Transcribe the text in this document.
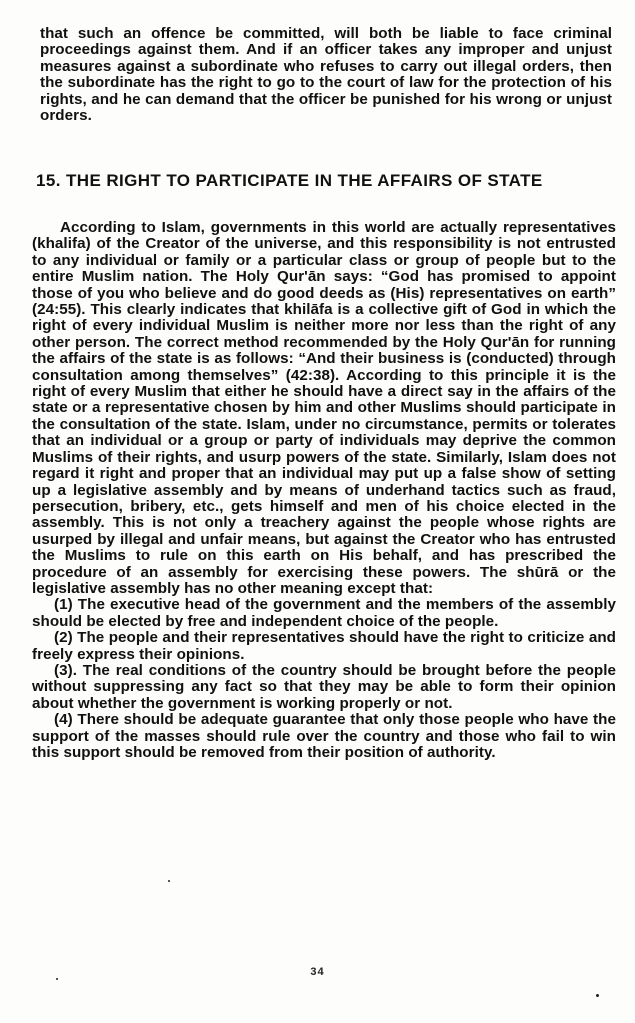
that such an offence be committed, will both be liable to face criminal proceedings against them. And if an officer takes any improper and unjust measures against a subordinate who refuses to carry out illegal orders, then the subordinate has the right to go to the court of law for the protection of his rights, and he can demand that the officer be punished for his wrong or unjust orders.

15. THE RIGHT TO PARTICIPATE IN THE AFFAIRS OF STATE

According to Islam, governments in this world are actually representatives (khalifa) of the Creator of the universe, and this responsibility is not entrusted to any individual or family or a particular class or group of people but to the entire Muslim nation. The Holy Qur'ān says: “God has promised to appoint those of you who believe and do good deeds as (His) representatives on earth” (24:55). This clearly indicates that khilāfa is a collective gift of God in which the right of every individual Muslim is neither more nor less than the right of any other person. The correct method recommended by the Holy Qur'ān for running the affairs of the state is as follows: “And their business is (conducted) through consultation among themselves” (42:38). According to this principle it is the right of every Muslim that either he should have a direct say in the affairs of the state or a representative chosen by him and other Muslims should participate in the consultation of the state. Islam, under no circumstance, permits or tolerates that an individual or a group or party of individuals may deprive the common Muslims of their rights, and usurp powers of the state. Similarly, Islam does not regard it right and proper that an individual may put up a false show of setting up a legislative assembly and by means of underhand tactics such as fraud, persecution, bribery, etc., gets himself and men of his choice elected in the assembly. This is not only a treachery against the people whose rights are usurped by illegal and unfair means, but against the Creator who has entrusted the Muslims to rule on this earth on His behalf, and has prescribed the procedure of an assembly for exercising these powers. The shūrā or the legislative assembly has no other meaning except that:

(1) The executive head of the government and the members of the assembly should be elected by free and independent choice of the people.

(2) The people and their representatives should have the right to criticize and freely express their opinions.

(3). The real conditions of the country should be brought before the people without suppressing any fact so that they may be able to form their opinion about whether the government is working properly or not.

(4) There should be adequate guarantee that only those people who have the support of the masses should rule over the country and those who fail to win this support should be removed from their position of authority.

34
